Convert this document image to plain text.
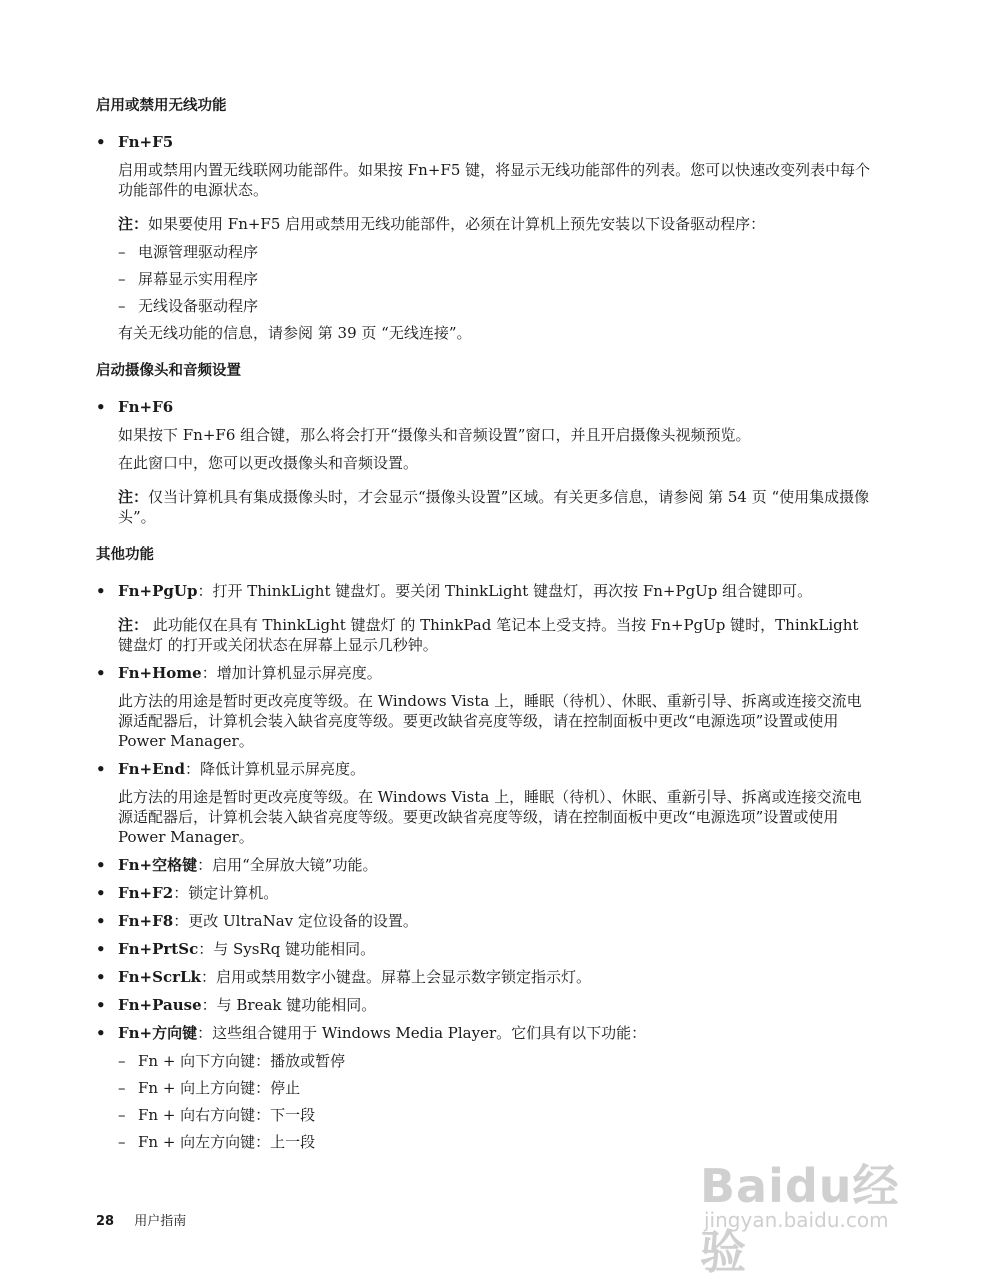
启用或禁用无线功能
• Fn+F5

启用或禁用内置无线联网功能部件。如果按 Fn+F5 键，将显示无线功能部件的列表。您可以快速改变列表中每个功能部件的电源状态。

注：如果要使用 Fn+F5 启用或禁用无线功能部件，必须在计算机上预先安装以下设备驱动程序：

– 电源管理驱动程序
– 屏幕显示实用程序
– 无线设备驱动程序

有关无线功能的信息，请参阅 第 39 页 “无线连接”。

启动摄像头和音频设置
• Fn+F6

如果按下 Fn+F6 组合键，那么将会打开“摄像头和音频设置”窗口，并且开启摄像头视频预览。

在此窗口中，您可以更改摄像头和音频设置。

注：仅当计算机具有集成摄像头时，才会显示“摄像头设置”区域。有关更多信息，请参阅 第 54 页 “使用集成摄像头”。

其他功能
• Fn+PgUp：打开 ThinkLight 键盘灯。要关闭 ThinkLight 键盘灯，再次按 Fn+PgUp 组合键即可。

注： 此功能仅在具有 ThinkLight 键盘灯 的 ThinkPad 笔记本上受支持。当按 Fn+PgUp 键时，ThinkLight 键盘灯 的打开或关闭状态在屏幕上显示几秒钟。

• Fn+Home：增加计算机显示屏亮度。

此方法的用途是暂时更改亮度等级。在 Windows Vista 上，睡眠（待机）、休眠、重新引导、拆离或连接交流电源适配器后，计算机会装入缺省亮度等级。要更改缺省亮度等级，请在控制面板中更改“电源选项”设置或使用 Power Manager。

• Fn+End：降低计算机显示屏亮度。

此方法的用途是暂时更改亮度等级。在 Windows Vista 上，睡眠（待机）、休眠、重新引导、拆离或连接交流电源适配器后，计算机会装入缺省亮度等级。要更改缺省亮度等级，请在控制面板中更改“电源选项”设置或使用 Power Manager。

• Fn+空格键：启用“全屏放大镜”功能。
• Fn+F2：锁定计算机。
• Fn+F8：更改 UltraNav 定位设备的设置。
• Fn+PrtSc：与 SysRq 键功能相同。
• Fn+ScrLk：启用或禁用数字小键盘。屏幕上会显示数字锁定指示灯。
• Fn+Pause：与 Break 键功能相同。
• Fn+方向键：这些组合键用于 Windows Media Player。它们具有以下功能：
– Fn + 向下方向键：播放或暂停
– Fn + 向上方向键：停止
– Fn + 向右方向键：下一段
– Fn + 向左方向键：上一段
28 用户指南
Baidu经验
jingyan.baidu.com
